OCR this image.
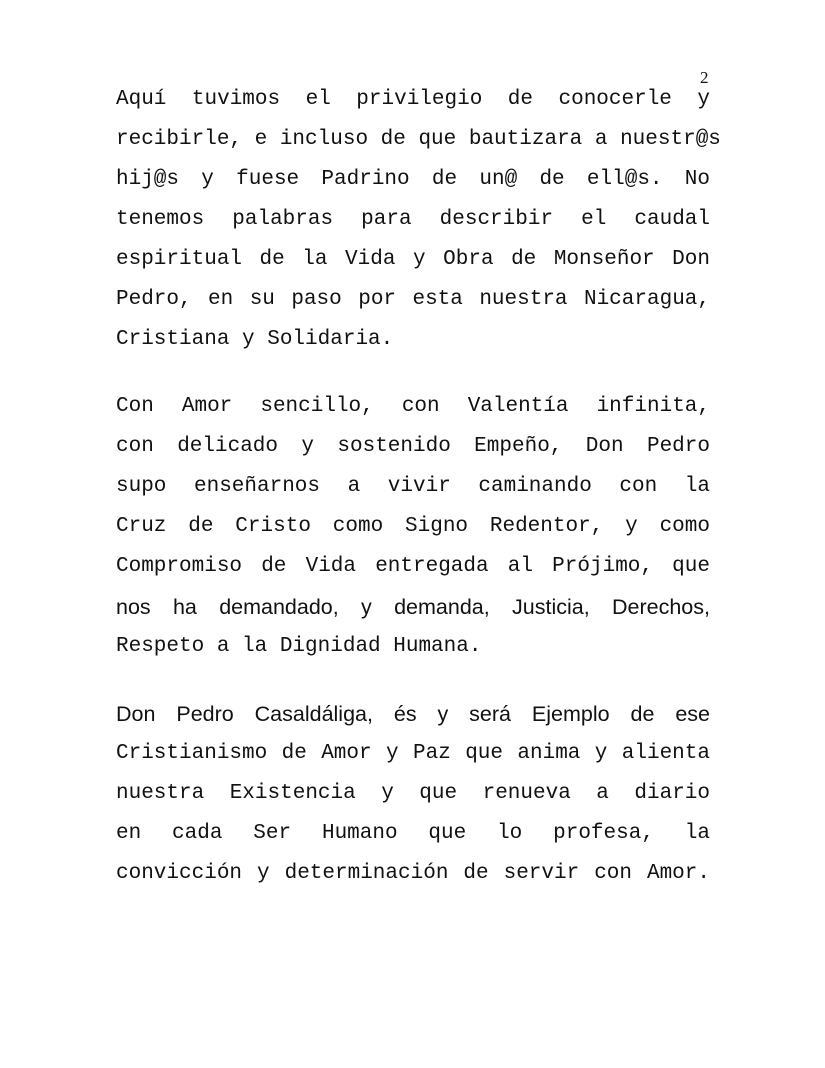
2

Aquí tuvimos el privilegio de conocerle y
recibirle, e incluso de que bautizara a nuestr@s
hij@s y fuese Padrino de un@ de ell@s. No
tenemos palabras para describir el caudal
espiritual de la Vida y Obra de Monseñor Don
Pedro, en su paso por esta nuestra Nicaragua,
Cristiana y Solidaria.

Con Amor sencillo, con Valentía infinita,
con delicado y sostenido Empeño, Don Pedro
supo enseñarnos a vivir caminando con la
Cruz de Cristo como Signo Redentor, y como
Compromiso de Vida entregada al Prójimo, que
nos ha demandado, y demanda, Justicia, Derechos,
Respeto a la Dignidad Humana.

Don Pedro Casaldáliga, és y será Ejemplo de ese
Cristianismo de Amor y Paz que anima y alienta
nuestra Existencia y que renueva a diario
en cada Ser Humano que lo profesa, la
convicción y determinación de servir con Amor.
